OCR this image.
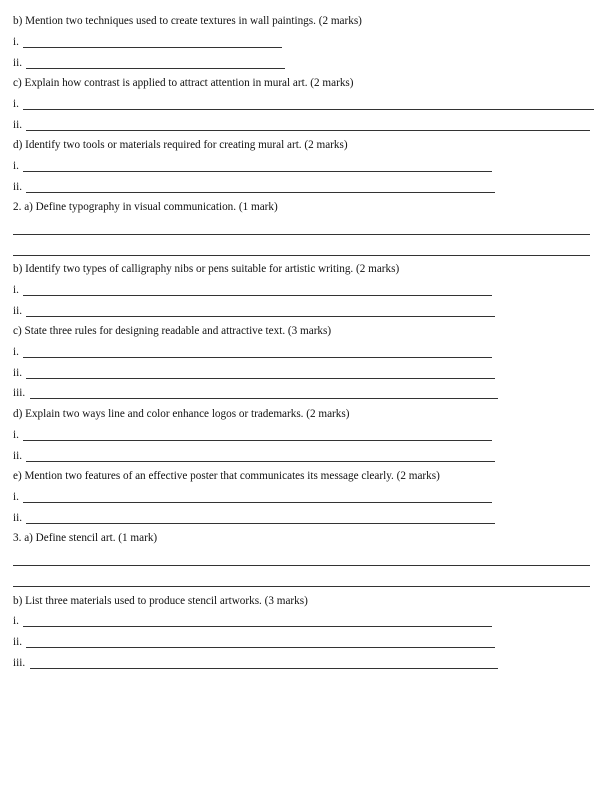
b) Mention two techniques used to create textures in wall paintings. (2 marks)
i.
ii.
c) Explain how contrast is applied to attract attention in mural art. (2 marks)
i.
ii.
d) Identify two tools or materials required for creating mural art. (2 marks)
i.
ii.
2. a) Define typography in visual communication. (1 mark)
b) Identify two types of calligraphy nibs or pens suitable for artistic writing. (2 marks)
i.
ii.
c) State three rules for designing readable and attractive text. (3 marks)
i.
ii.
iii.
d) Explain two ways line and color enhance logos or trademarks. (2 marks)
i.
ii.
e) Mention two features of an effective poster that communicates its message clearly. (2 marks)
i.
ii.
3. a) Define stencil art. (1 mark)
b) List three materials used to produce stencil artworks. (3 marks)
i.
ii.
iii.
